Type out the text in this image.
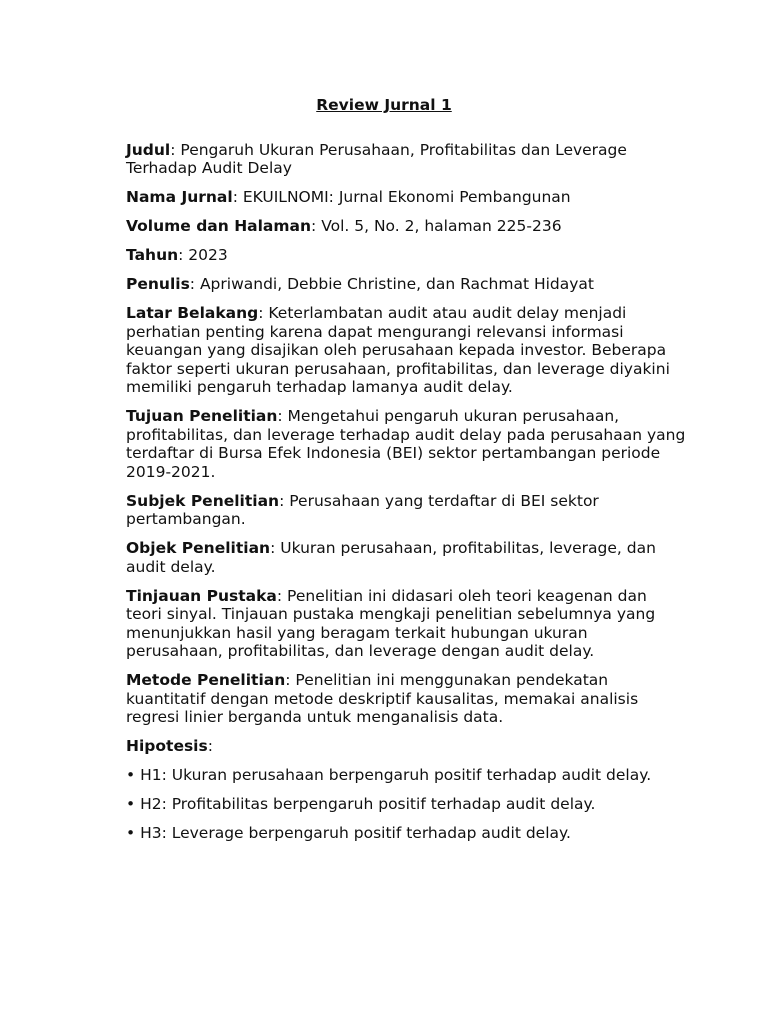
Review Jurnal 1
Judul: Pengaruh Ukuran Perusahaan, Profitabilitas dan Leverage Terhadap Audit Delay
Nama Jurnal: EKUILNOMI: Jurnal Ekonomi Pembangunan
Volume dan Halaman: Vol. 5, No. 2, halaman 225-236
Tahun: 2023
Penulis: Apriwandi, Debbie Christine, dan Rachmat Hidayat
Latar Belakang: Keterlambatan audit atau audit delay menjadi perhatian penting karena dapat mengurangi relevansi informasi keuangan yang disajikan oleh perusahaan kepada investor. Beberapa faktor seperti ukuran perusahaan, profitabilitas, dan leverage diyakini memiliki pengaruh terhadap lamanya audit delay.
Tujuan Penelitian: Mengetahui pengaruh ukuran perusahaan, profitabilitas, dan leverage terhadap audit delay pada perusahaan yang terdaftar di Bursa Efek Indonesia (BEI) sektor pertambangan periode 2019-2021.
Subjek Penelitian: Perusahaan yang terdaftar di BEI sektor pertambangan.
Objek Penelitian: Ukuran perusahaan, profitabilitas, leverage, dan audit delay.
Tinjauan Pustaka: Penelitian ini didasari oleh teori keagenan dan teori sinyal. Tinjauan pustaka mengkaji penelitian sebelumnya yang menunjukkan hasil yang beragam terkait hubungan ukuran perusahaan, profitabilitas, dan leverage dengan audit delay.
Metode Penelitian: Penelitian ini menggunakan pendekatan kuantitatif dengan metode deskriptif kausalitas, memakai analisis regresi linier berganda untuk menganalisis data.
Hipotesis:
• H1: Ukuran perusahaan berpengaruh positif terhadap audit delay.
• H2: Profitabilitas berpengaruh positif terhadap audit delay.
• H3: Leverage berpengaruh positif terhadap audit delay.
